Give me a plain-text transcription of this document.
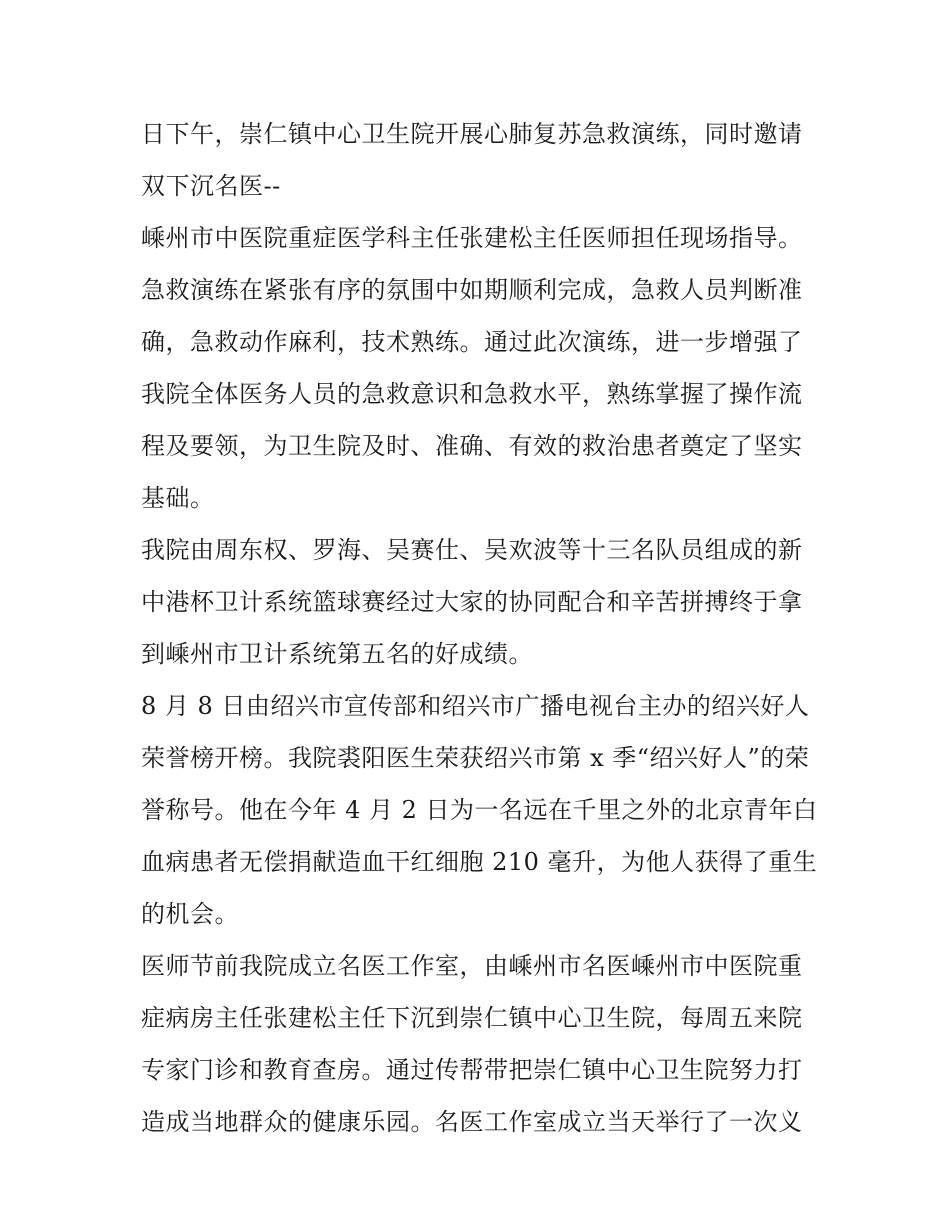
日下午，崇仁镇中心卫生院开展心肺复苏急救演练，同时邀请
双下沉名医--
嵊州市中医院重症医学科主任张建松主任医师担任现场指导。
急救演练在紧张有序的氛围中如期顺利完成，急救人员判断准
确，急救动作麻利，技术熟练。通过此次演练，进一步增强了
我院全体医务人员的急救意识和急救水平，熟练掌握了操作流
程及要领，为卫生院及时、准确、有效的救治患者奠定了坚实
基础。
我院由周东权、罗海、吴赛仕、吴欢波等十三名队员组成的新
中港杯卫计系统篮球赛经过大家的协同配合和辛苦拼搏终于拿
到嵊州市卫计系统第五名的好成绩。
8 月 8 日由绍兴市宣传部和绍兴市广播电视台主办的绍兴好人
荣誉榜开榜。我院裘阳医生荣获绍兴市第 x 季“绍兴好人”的荣
誉称号。他在今年 4 月 2 日为一名远在千里之外的北京青年白
血病患者无偿捐献造血干红细胞 210 毫升，为他人获得了重生
的机会。
医师节前我院成立名医工作室，由嵊州市名医嵊州市中医院重
症病房主任张建松主任下沉到崇仁镇中心卫生院，每周五来院
专家门诊和教育查房。通过传帮带把崇仁镇中心卫生院努力打
造成当地群众的健康乐园。名医工作室成立当天举行了一次义
